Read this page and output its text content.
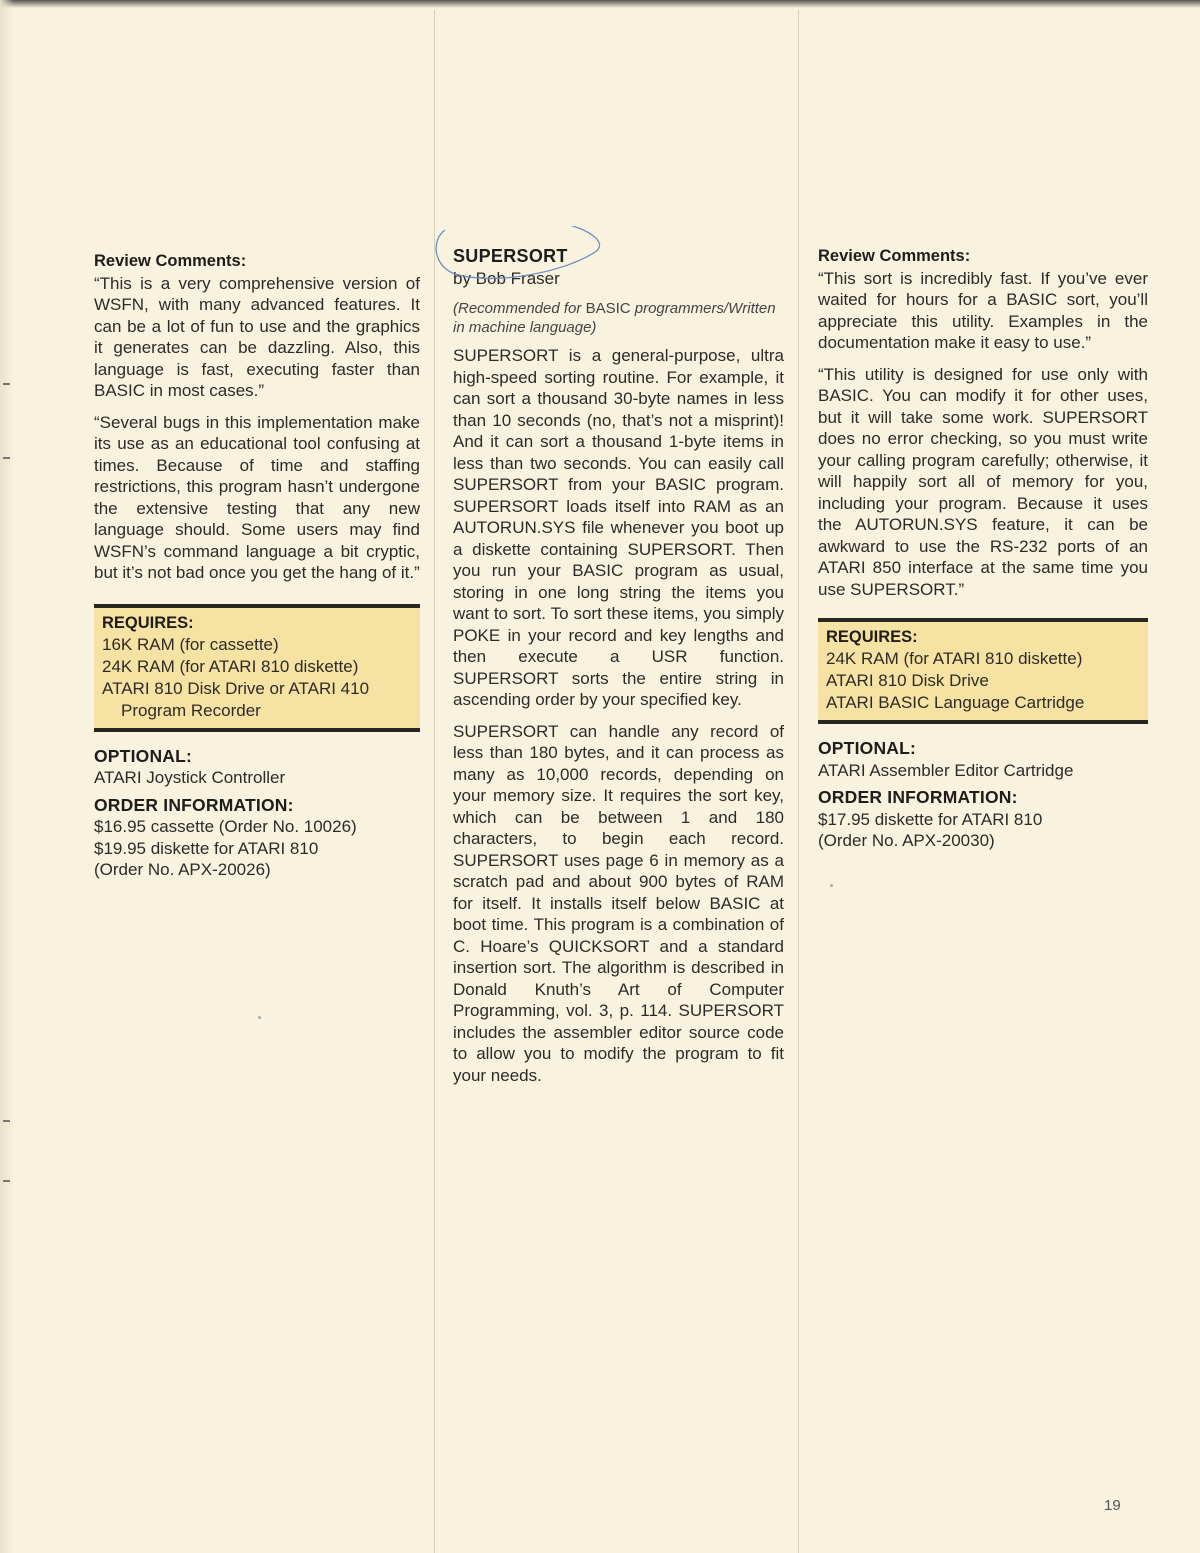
Review Comments:

“This is a very comprehensive version of WSFN, with many advanced features. It can be a lot of fun to use and the graphics it generates can be dazzling. Also, this language is fast, executing faster than BASIC in most cases.”

“Several bugs in this implementation make its use as an educational tool confusing at times. Because of time and staffing restrictions, this program hasn’t undergone the extensive testing that any new language should. Some users may find WSFN’s command language a bit cryptic, but it’s not bad once you get the hang of it.”

REQUIRES:
16K RAM (for cassette)
24K RAM (for ATARI 810 diskette)
ATARI 810 Disk Drive or ATARI 410
Program Recorder
OPTIONAL:
ATARI Joystick Controller
ORDER INFORMATION:
$16.95 cassette (Order No. 10026)
$19.95 diskette for ATARI 810
(Order No. APX-20026)
SUPERSORT
by Bob Fraser
(Recommended for BASIC programmers/Written in machine language)

SUPERSORT is a general-purpose, ultra high-speed sorting routine. For example, it can sort a thousand 30-byte names in less than 10 seconds (no, that’s not a misprint)! And it can sort a thousand 1-byte items in less than two seconds. You can easily call SUPERSORT from your BASIC program. SUPERSORT loads itself into RAM as an AUTORUN.SYS file whenever you boot up a diskette containing SUPERSORT. Then you run your BASIC program as usual, storing in one long string the items you want to sort. To sort these items, you simply POKE in your record and key lengths and then execute a USR function. SUPERSORT sorts the entire string in ascending order by your specified key.

SUPERSORT can handle any record of less than 180 bytes, and it can process as many as 10,000 records, depending on your memory size. It requires the sort key, which can be between 1 and 180 characters, to begin each record. SUPERSORT uses page 6 in memory as a scratch pad and about 900 bytes of RAM for itself. It installs itself below BASIC at boot time. This program is a combination of C. Hoare’s QUICKSORT and a standard insertion sort. The algorithm is described in Donald Knuth’s Art of Computer Programming, vol. 3, p. 114. SUPERSORT includes the assembler editor source code to allow you to modify the program to fit your needs.

Review Comments:

“This sort is incredibly fast. If you’ve ever waited for hours for a BASIC sort, you’ll appreciate this utility. Examples in the documentation make it easy to use.”

“This utility is designed for use only with BASIC. You can modify it for other uses, but it will take some work. SUPERSORT does no error checking, so you must write your calling program carefully; otherwise, it will happily sort all of memory for you, including your program. Because it uses the AUTORUN.SYS feature, it can be awkward to use the RS-232 ports of an ATARI 850 interface at the same time you use SUPERSORT.”

REQUIRES:
24K RAM (for ATARI 810 diskette)
ATARI 810 Disk Drive
ATARI BASIC Language Cartridge
OPTIONAL:
ATARI Assembler Editor Cartridge
ORDER INFORMATION:
$17.95 diskette for ATARI 810
(Order No. APX-20030)
19
